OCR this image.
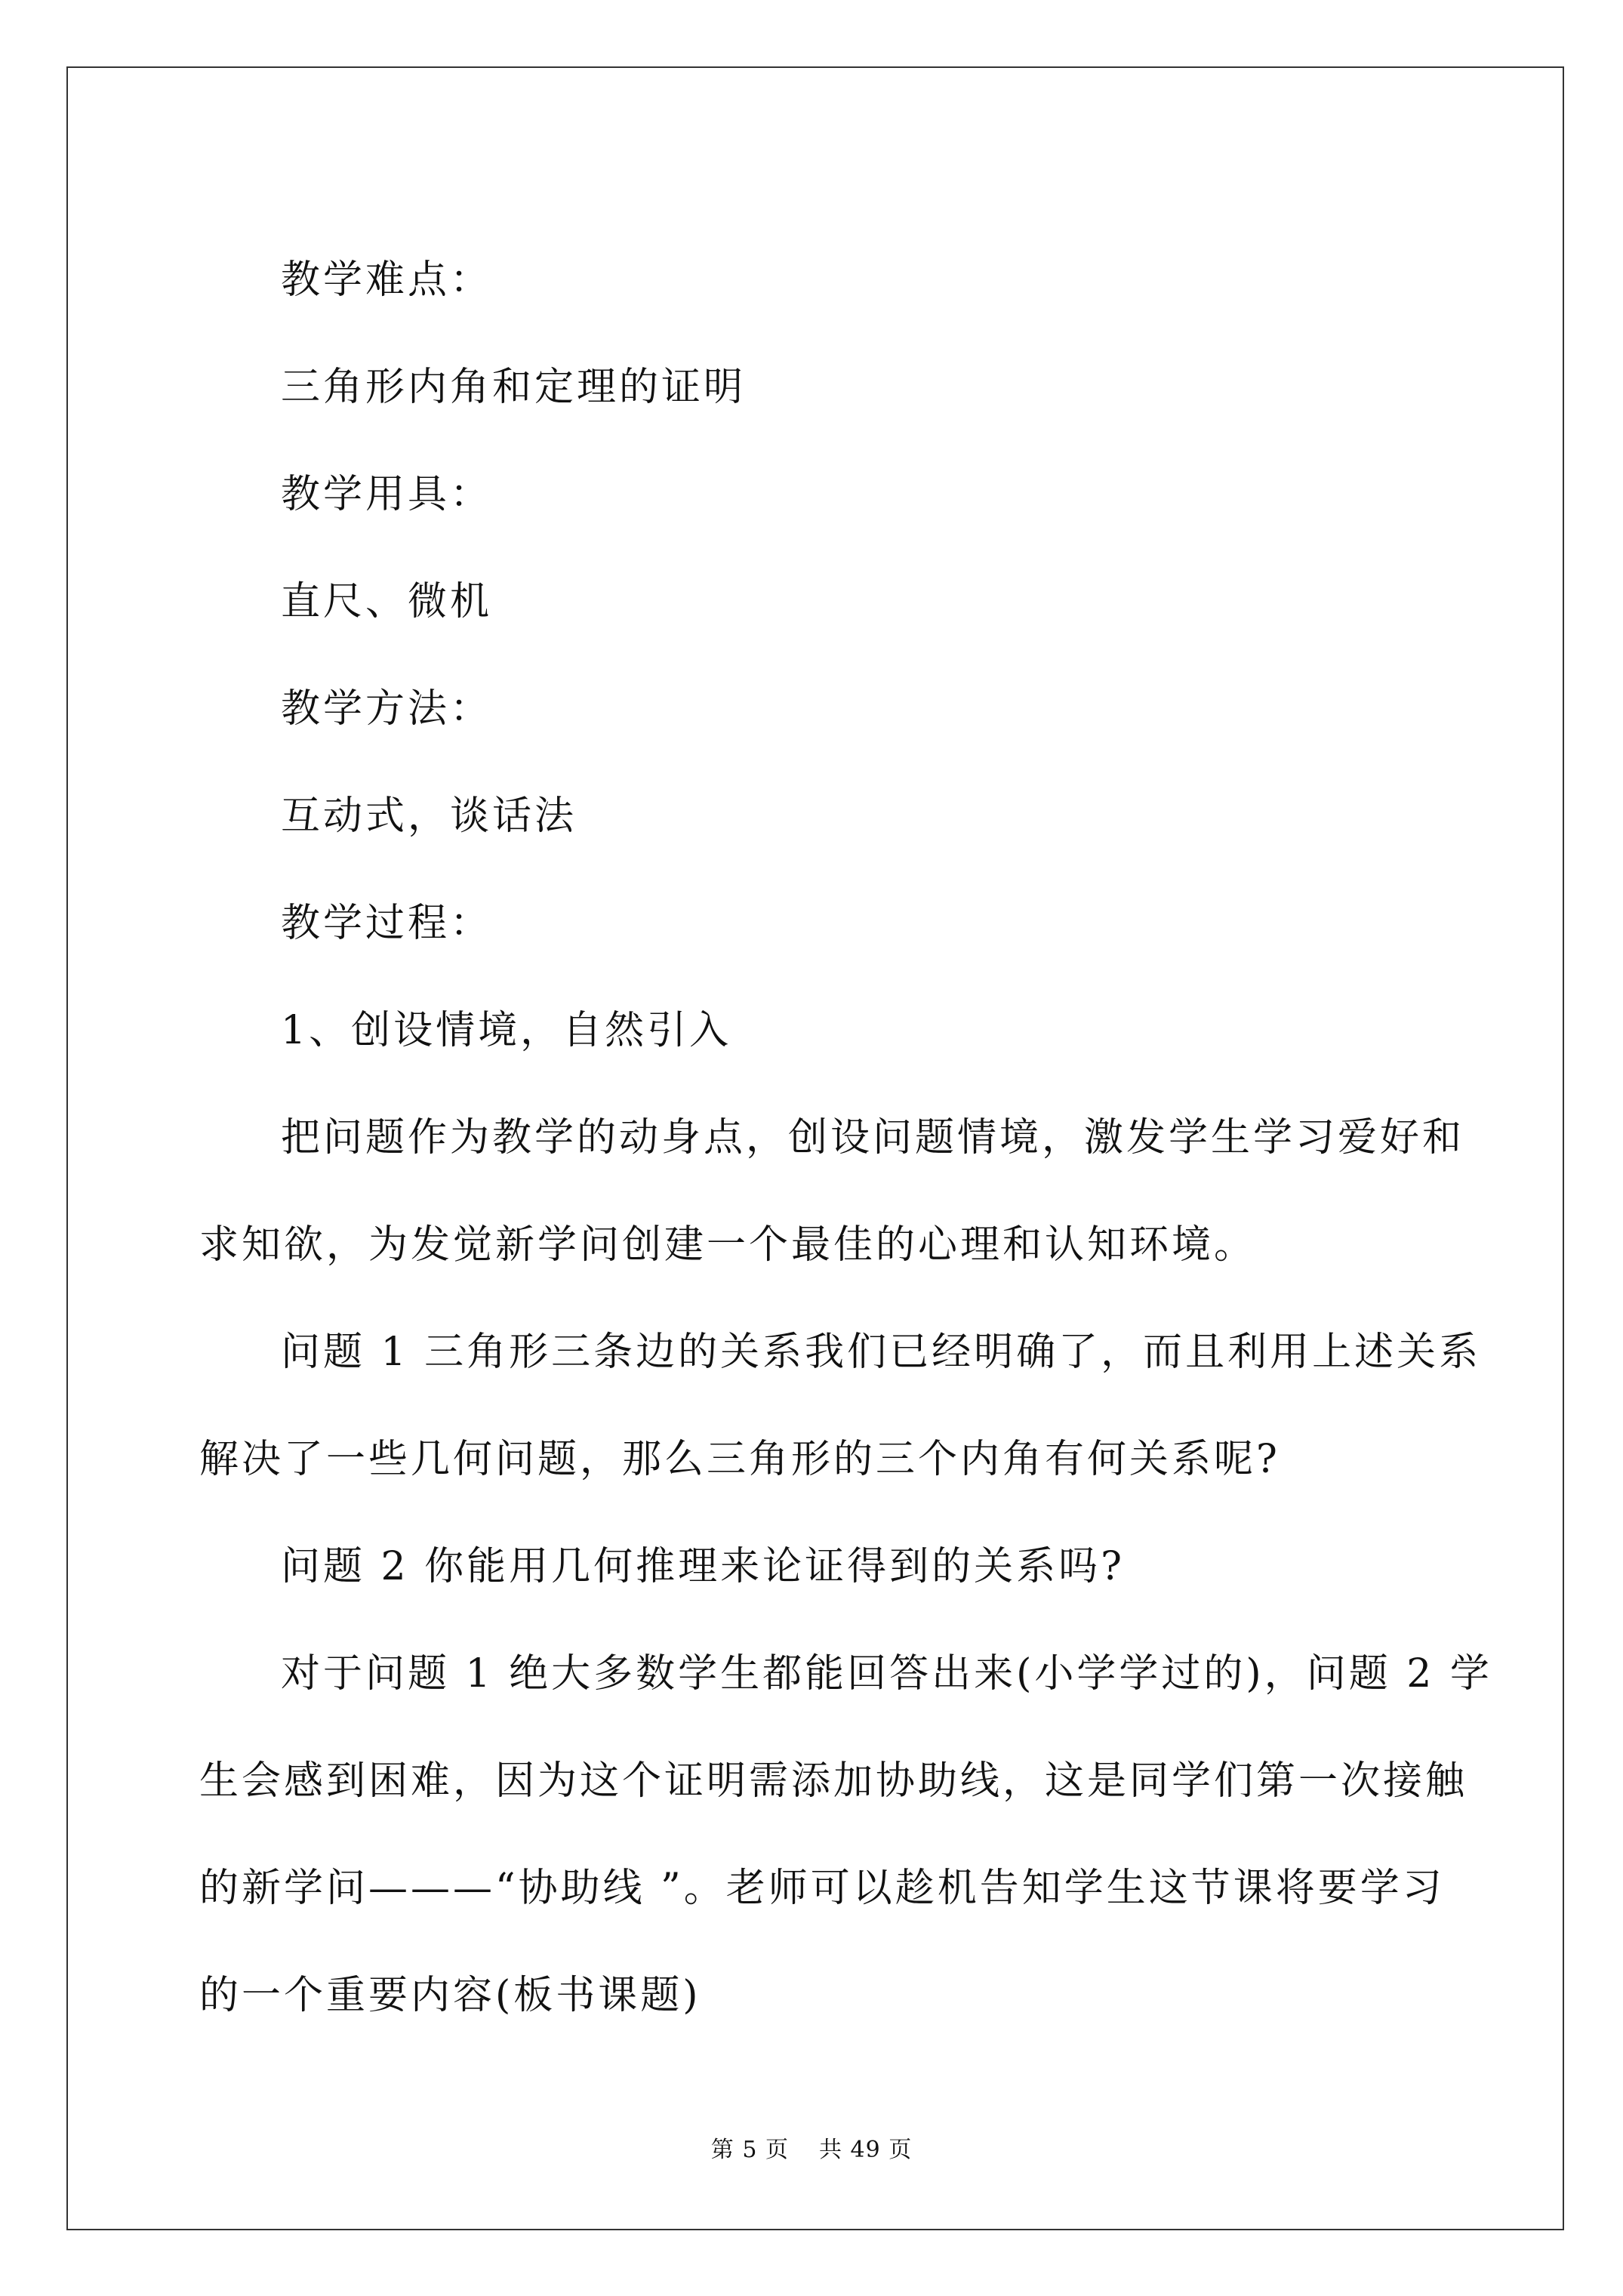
教学难点：
三角形内角和定理的证明
教学用具：
直尺、微机
教学方法：
互动式，谈话法
教学过程：
1、创设情境，自然引入
把问题作为教学的动身点，创设问题情境，激发学生学习爱好和
求知欲，为发觉新学问创建一个最佳的心理和认知环境。
问题 1 三角形三条边的关系我们已经明确了，而且利用上述关系
解决了一些几何问题，那么三角形的三个内角有何关系呢?
问题 2 你能用几何推理来论证得到的关系吗?
对于问题 1 绝大多数学生都能回答出来(小学学过的)，问题 2 学
生会感到困难，因为这个证明需添加协助线，这是同学们第一次接触
的新学问———“协助线 ”。老师可以趁机告知学生这节课将要学习
的一个重要内容(板书课题)
第 5 页 共 49 页
